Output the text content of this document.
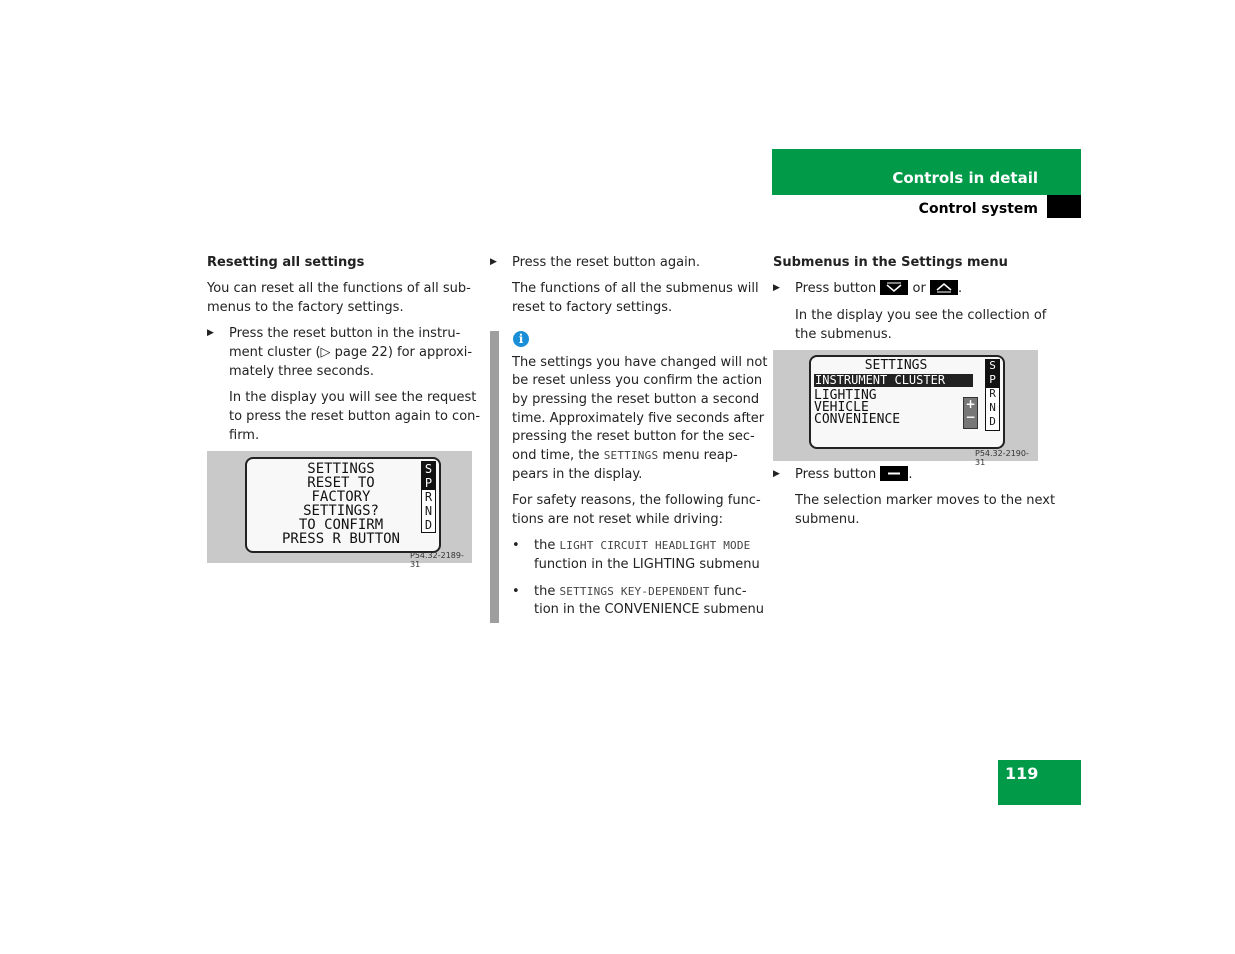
Controls in detail
Control system
119
Resetting all settings
You can reset all the functions of all sub-
menus to the factory settings.
▶ Press the reset button in the instru-
ment cluster (▷ page 22) for approxi-
mately three seconds.
In the display you will see the request
to press the reset button again to con-
firm.
SETTINGS
RESET TO
FACTORY
SETTINGS?
TO CONFIRM
PRESS R BUTTON
S
P
R
N
D
P54.32-2189-31
▶ Press the reset button again.
The functions of all the submenus will
reset to factory settings.
i
The settings you have changed will not
be reset unless you confirm the action
by pressing the reset button a second
time. Approximately five seconds after
pressing the reset button for the sec-
ond time, the SETTINGS menu reap-
pears in the display.
For safety reasons, the following func-
tions are not reset while driving:
• the LIGHT CIRCUIT HEADLIGHT MODE
function in the LIGHTING submenu
• the SETTINGS KEY-DEPENDENT func-
tion in the CONVENIENCE submenu
Submenus in the Settings menu
▶ Press button	or .
In the display you see the collection of
the submenus.
SETTINGS
INSTRUMENT CLUSTER
LIGHTING
VEHICLE
CONVENIENCE
+
−
S
P
R
N
D
P54.32-2190-31
▶ Press button .
The selection marker moves to the next
submenu.
